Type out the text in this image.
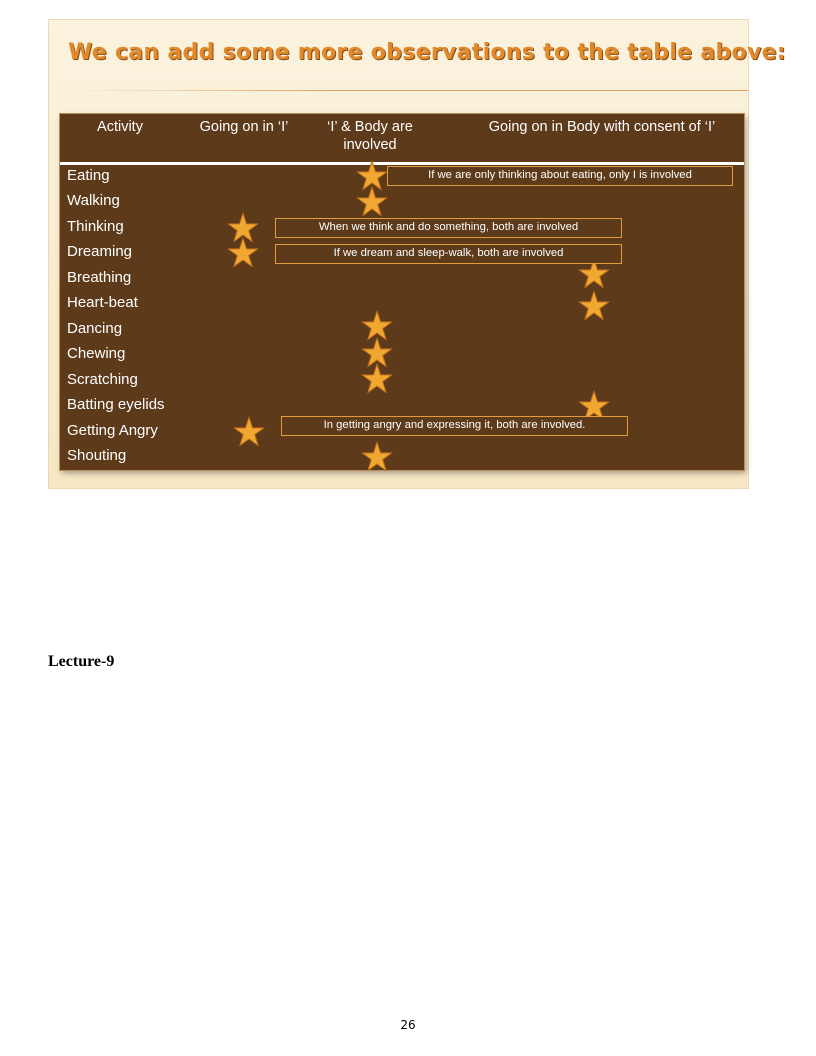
We can add some more observations to the table above:
Activity	Going on in ‘I’	‘I’ & Body are involved
Going on in Body with consent of ‘I’
Eating
Walking
Thinking
Dreaming
Breathing
Heart-beat
Dancing
Chewing
Scratching
Batting eyelids
Getting Angry
Shouting
If we are only thinking about eating, only I is involved
When we think and do something, both are involved
If we dream and sleep-walk, both are involved
In getting angry and expressing it, both are involved.
Lecture-9
26
